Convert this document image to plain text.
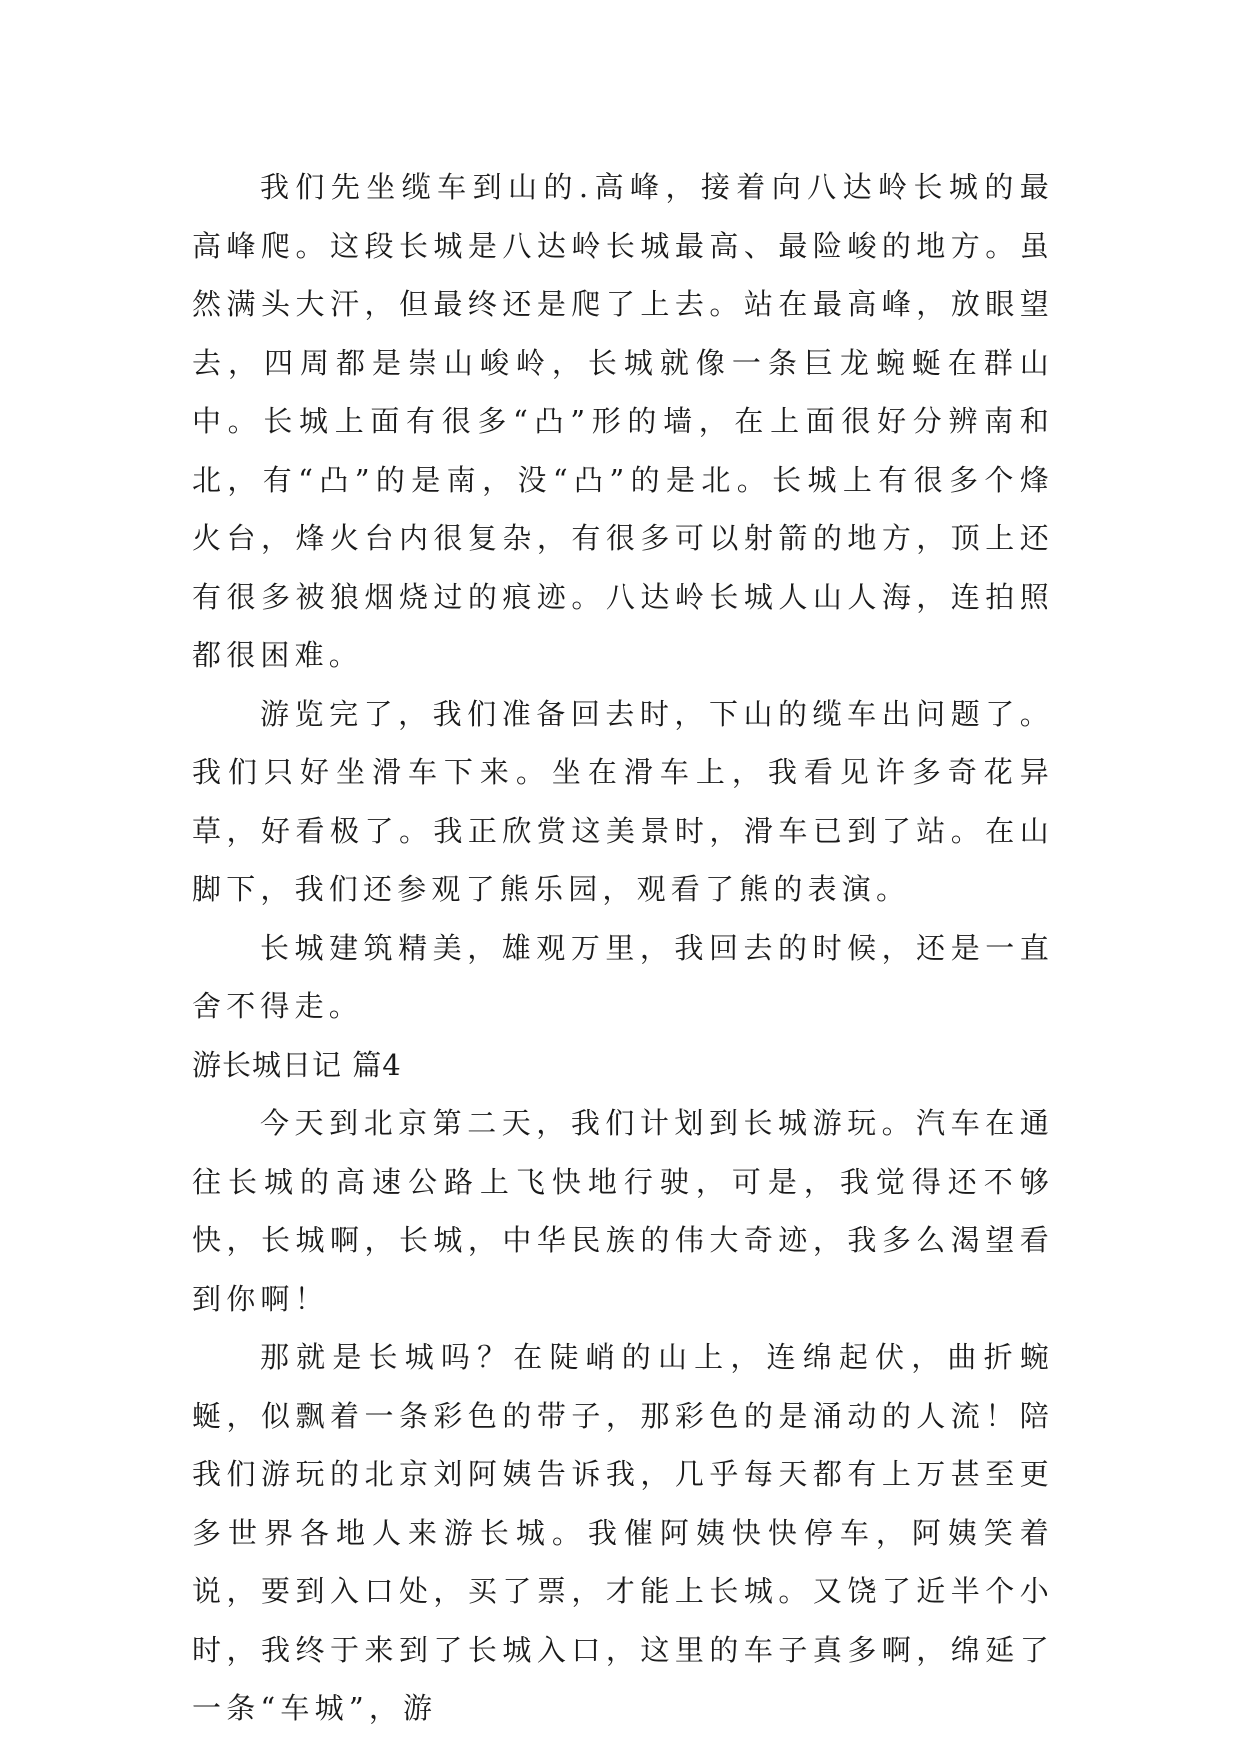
我们先坐缆车到山的.高峰，接着向八达岭长城的最高峰爬。这段长城是八达岭长城最高、最险峻的地方。虽然满头大汗，但最终还是爬了上去。站在最高峰，放眼望去，四周都是崇山峻岭，长城就像一条巨龙蜿蜒在群山中。长城上面有很多“凸”形的墙，在上面很好分辨南和北，有“凸”的是南，没“凸”的是北。长城上有很多个烽火台，烽火台内很复杂，有很多可以射箭的地方，顶上还有很多被狼烟烧过的痕迹。八达岭长城人山人海，连拍照都很困难。

游览完了，我们准备回去时，下山的缆车出问题了。我们只好坐滑车下来。坐在滑车上，我看见许多奇花异草，好看极了。我正欣赏这美景时，滑车已到了站。在山脚下，我们还参观了熊乐园，观看了熊的表演。

长城建筑精美，雄观万里，我回去的时候，还是一直舍不得走。

游长城日记 篇4

今天到北京第二天，我们计划到长城游玩。汽车在通往长城的高速公路上飞快地行驶，可是，我觉得还不够快，长城啊，长城，中华民族的伟大奇迹，我多么渴望看到你啊！

那就是长城吗？在陡峭的山上，连绵起伏，曲折蜿蜒，似飘着一条彩色的带子，那彩色的是涌动的人流！陪我们游玩的北京刘阿姨告诉我，几乎每天都有上万甚至更多世界各地人来游长城。我催阿姨快快停车，阿姨笑着说，要到入口处，买了票，才能上长城。又饶了近半个小时，我终于来到了长城入口，这里的车子真多啊，绵延了一条“车城”，游
